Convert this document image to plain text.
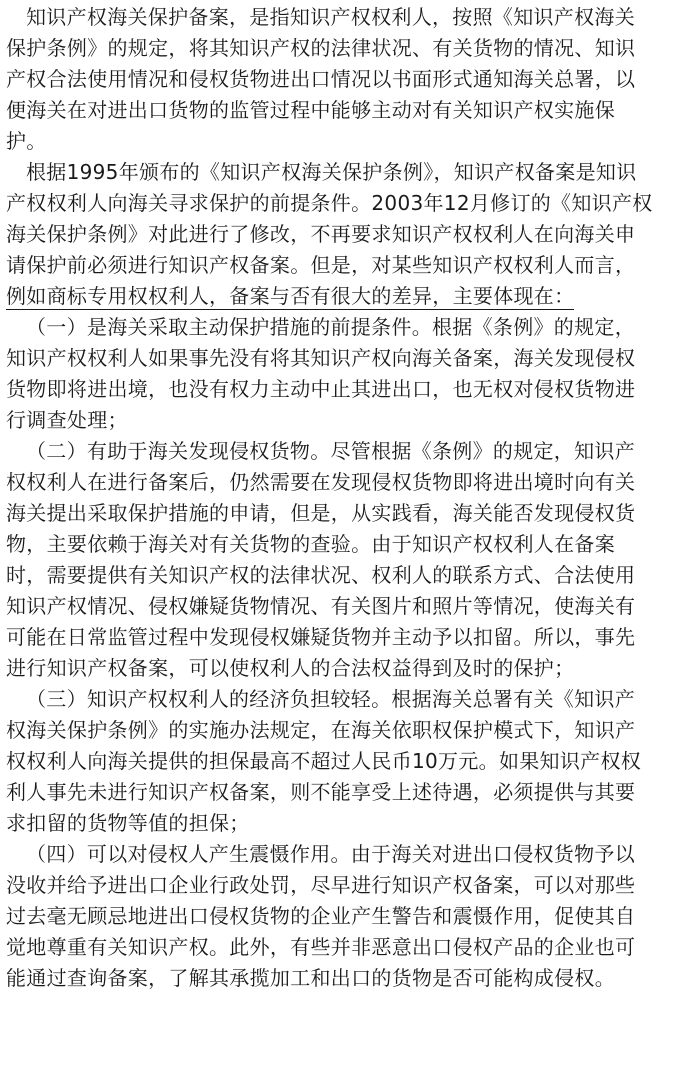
知识产权海关保护备案，是指知识产权权利人，按照《知识产权海关
保护条例》的规定，将其知识产权的法律状况、有关货物的情况、知识
产权合法使用情况和侵权货物进出口情况以书面形式通知海关总署，以
便海关在对进出口货物的监管过程中能够主动对有关知识产权实施保
护。
根据1995年颁布的《知识产权海关保护条例》，知识产权备案是知识
产权权利人向海关寻求保护的前提条件。2003年12月修订的《知识产权
海关保护条例》对此进行了修改，不再要求知识产权权利人在向海关申
请保护前必须进行知识产权备案。但是，对某些知识产权权利人而言，
例如商标专用权权利人，备案与否有很大的差异，主要体现在：
（一）是海关采取主动保护措施的前提条件。根据《条例》的规定，
知识产权权利人如果事先没有将其知识产权向海关备案，海关发现侵权
货物即将进出境，也没有权力主动中止其进出口，也无权对侵权货物进
行调查处理；
（二）有助于海关发现侵权货物。尽管根据《条例》的规定，知识产
权权利人在进行备案后，仍然需要在发现侵权货物即将进出境时向有关
海关提出采取保护措施的申请，但是，从实践看，海关能否发现侵权货
物，主要依赖于海关对有关货物的查验。由于知识产权权利人在备案
时，需要提供有关知识产权的法律状况、权利人的联系方式、合法使用
知识产权情况、侵权嫌疑货物情况、有关图片和照片等情况，使海关有
可能在日常监管过程中发现侵权嫌疑货物并主动予以扣留。所以，事先
进行知识产权备案，可以使权利人的合法权益得到及时的保护；
（三）知识产权权利人的经济负担较轻。根据海关总署有关《知识产
权海关保护条例》的实施办法规定，在海关依职权保护模式下，知识产
权权利人向海关提供的担保最高不超过人民币10万元。如果知识产权权
利人事先未进行知识产权备案，则不能享受上述待遇，必须提供与其要
求扣留的货物等值的担保；
（四）可以对侵权人产生震慑作用。由于海关对进出口侵权货物予以
没收并给予进出口企业行政处罚，尽早进行知识产权备案，可以对那些
过去毫无顾忌地进出口侵权货物的企业产生警告和震慑作用，促使其自
觉地尊重有关知识产权。此外，有些并非恶意出口侵权产品的企业也可
能通过查询备案，了解其承揽加工和出口的货物是否可能构成侵权。
